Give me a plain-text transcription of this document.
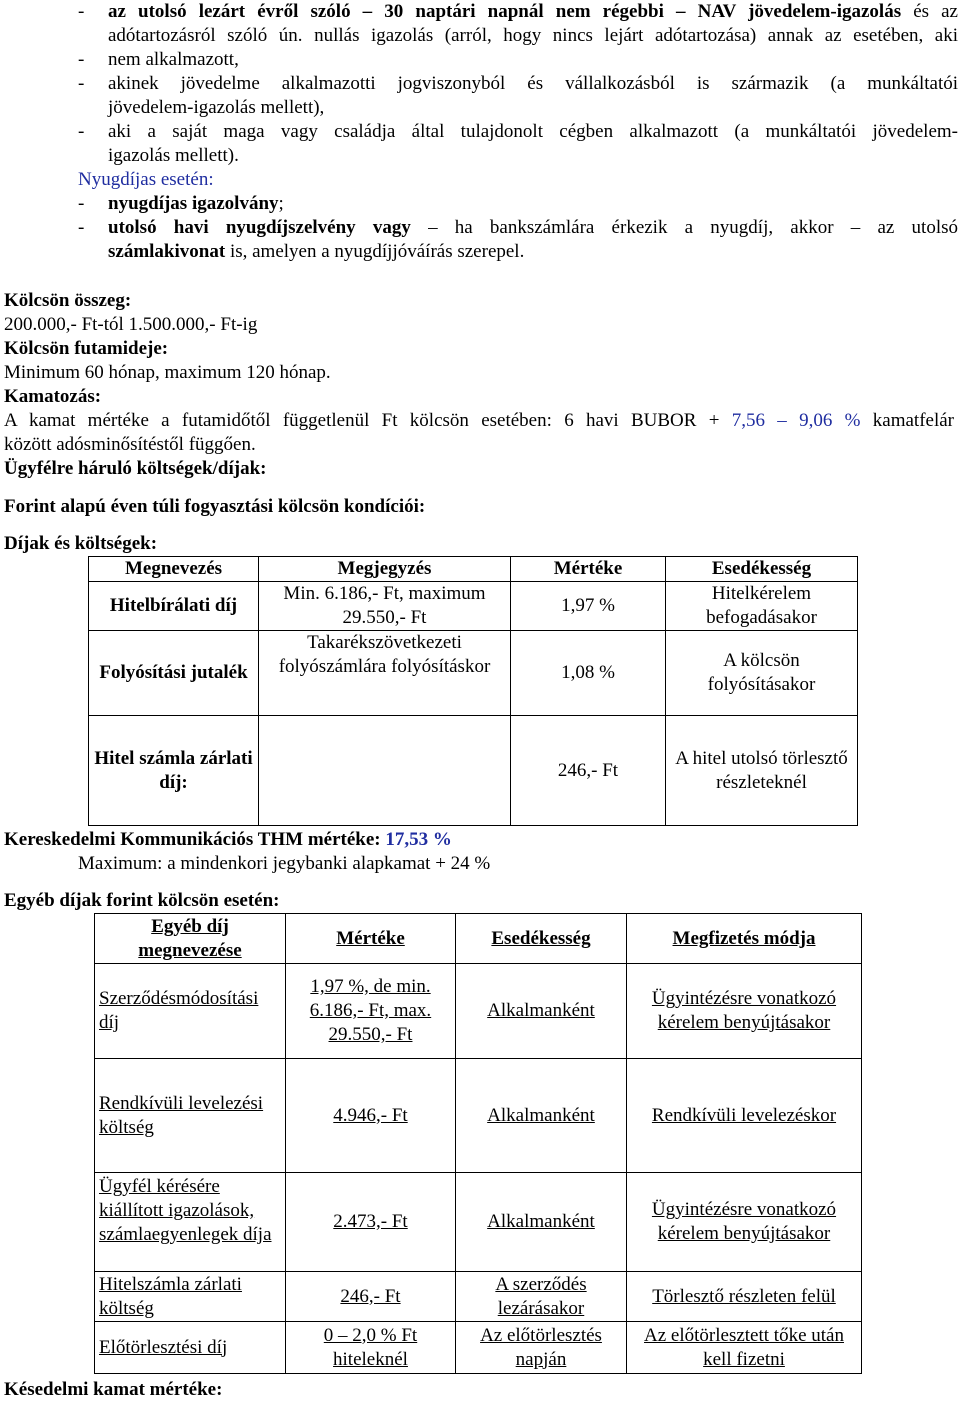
- az utolsó lezárt évről szóló – 30 naptári napnál nem régebbi – NAV jövedelem-igazolás és az
adótartozásról szóló ún. nullás igazolás (arról, hogy nincs lejárt adótartozása) annak az esetében, aki
- nem alkalmazott,
- akinek jövedelme alkalmazotti jogviszonyból és vállalkozásból is származik (a munkáltatói
jövedelem-igazolás mellett),
- aki a saját maga vagy családja által tulajdonolt cégben alkalmazott (a munkáltatói jövedelem-
igazolás mellett).
Nyugdíjas esetén:
- nyugdíjas igazolvány;
- utolsó havi nyugdíjszelvény vagy – ha bankszámlára érkezik a nyugdíj, akkor – az utolsó
számlakivonat is, amelyen a nyugdíjjóváírás szerepel.
Kölcsön összeg:
200.000,- Ft-tól 1.500.000,- Ft-ig
Kölcsön futamideje:
Minimum 60 hónap, maximum 120 hónap.
Kamatozás:
A kamat mértéke a futamidőtől függetlenül Ft kölcsön esetében: 6 havi BUBOR + 7,56 – 9,06 % kamatfelár
között adósminősítéstől függően.
Ügyfélre háruló költségek/díjak:
Forint alapú éven túli fogyasztási kölcsön kondíciói:
Díjak és költségek:
Megnevezés	Megjegyzés	Mértéke	Esedékesség
Hitelbírálati díj	Min. 6.186,- Ft, maximum 29.550,- Ft	1,97 %	Hitelkérelem befogadásakor
Folyósítási jutalék	Takarékszövetkezeti folyószámlára folyósításkor	1,08 %	A kölcsön folyósításakor
Hitel számla zárlati díj:		246,- Ft	A hitel utolsó törlesztő részleteknél
Kereskedelmi Kommunikációs THM mértéke: 17,53 %
Maximum: a mindenkori jegybanki alapkamat + 24 %
Egyéb díjak forint kölcsön esetén:
Egyéb díj megnevezése	Mértéke	Esedékesség	Megfizetés módja
Szerződésmódosítási díj	1,97 %, de min. 6.186,- Ft, max. 29.550,- Ft	Alkalmanként	Ügyintézésre vonatkozó kérelem benyújtásakor
Rendkívüli levelezési költség	4.946,- Ft	Alkalmanként	Rendkívüli levelezéskor
Ügyfél kérésére kiállított igazolások, számlaegyenlegek díja	2.473,- Ft	Alkalmanként	Ügyintézésre vonatkozó kérelem benyújtásakor
Hitelszámla zárlati költség	246,- Ft	A szerződés lezárásakor	Törlesztő részleten felül
Előtörlesztési díj	0 – 2,0 % Ft hiteleknél	Az előtörlesztés napján	Az előtörlesztett tőke után kell fizetni
Késedelmi kamat mértéke:
